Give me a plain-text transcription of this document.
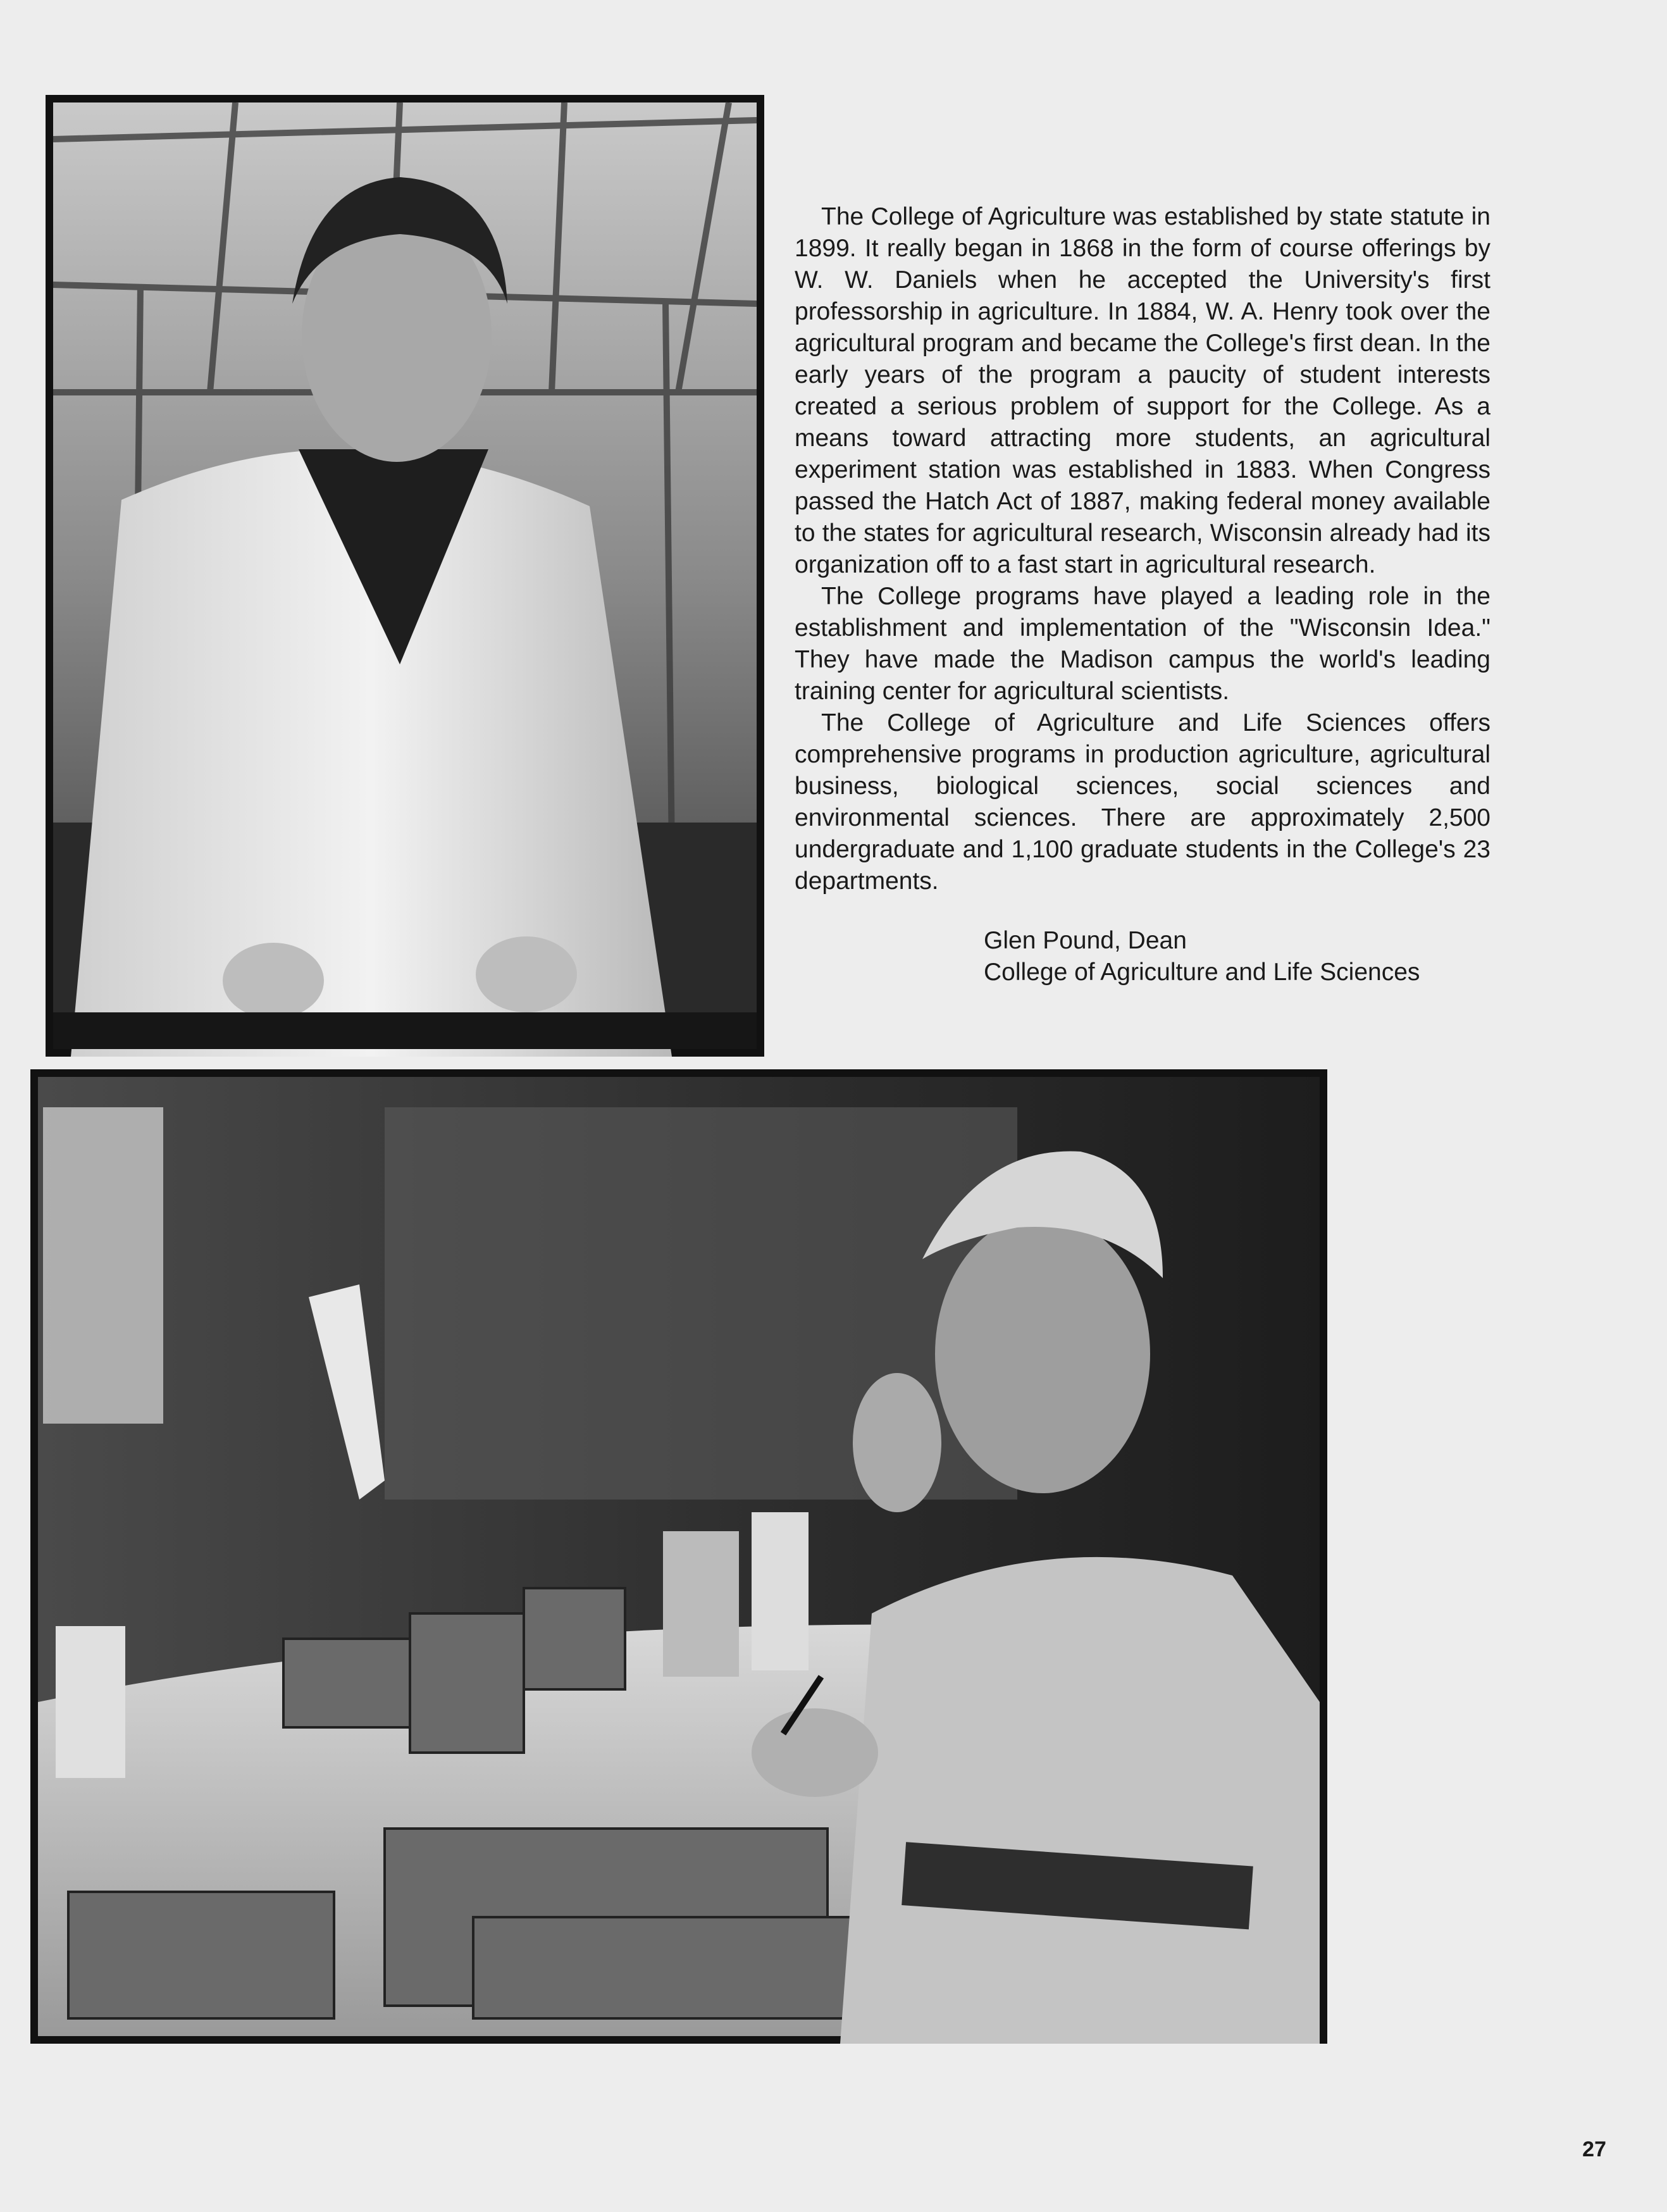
The College of Agriculture was established by state statute in 1899. It really began in 1868 in the form of course offerings by W. W. Daniels when he accepted the University's first professorship in agriculture. In 1884, W. A. Henry took over the agricultural program and became the College's first dean. In the early years of the program a paucity of student interests created a serious problem of support for the College. As a means toward attracting more students, an agricultural experiment station was established in 1883. When Congress passed the Hatch Act of 1887, making federal money available to the states for agricultural research, Wisconsin already had its organization off to a fast start in agricultural research.

The College programs have played a leading role in the establishment and implementation of the "Wisconsin Idea." They have made the Madison campus the world's leading training center for agricultural scientists.

The College of Agriculture and Life Sciences offers comprehensive programs in production agriculture, agricultural business, biological sciences, social sciences and environmental sciences. There are approximately 2,500 undergraduate and 1,100 graduate students in the College's 23 departments.

Glen Pound, Dean
College of Agriculture and Life Sciences
27
